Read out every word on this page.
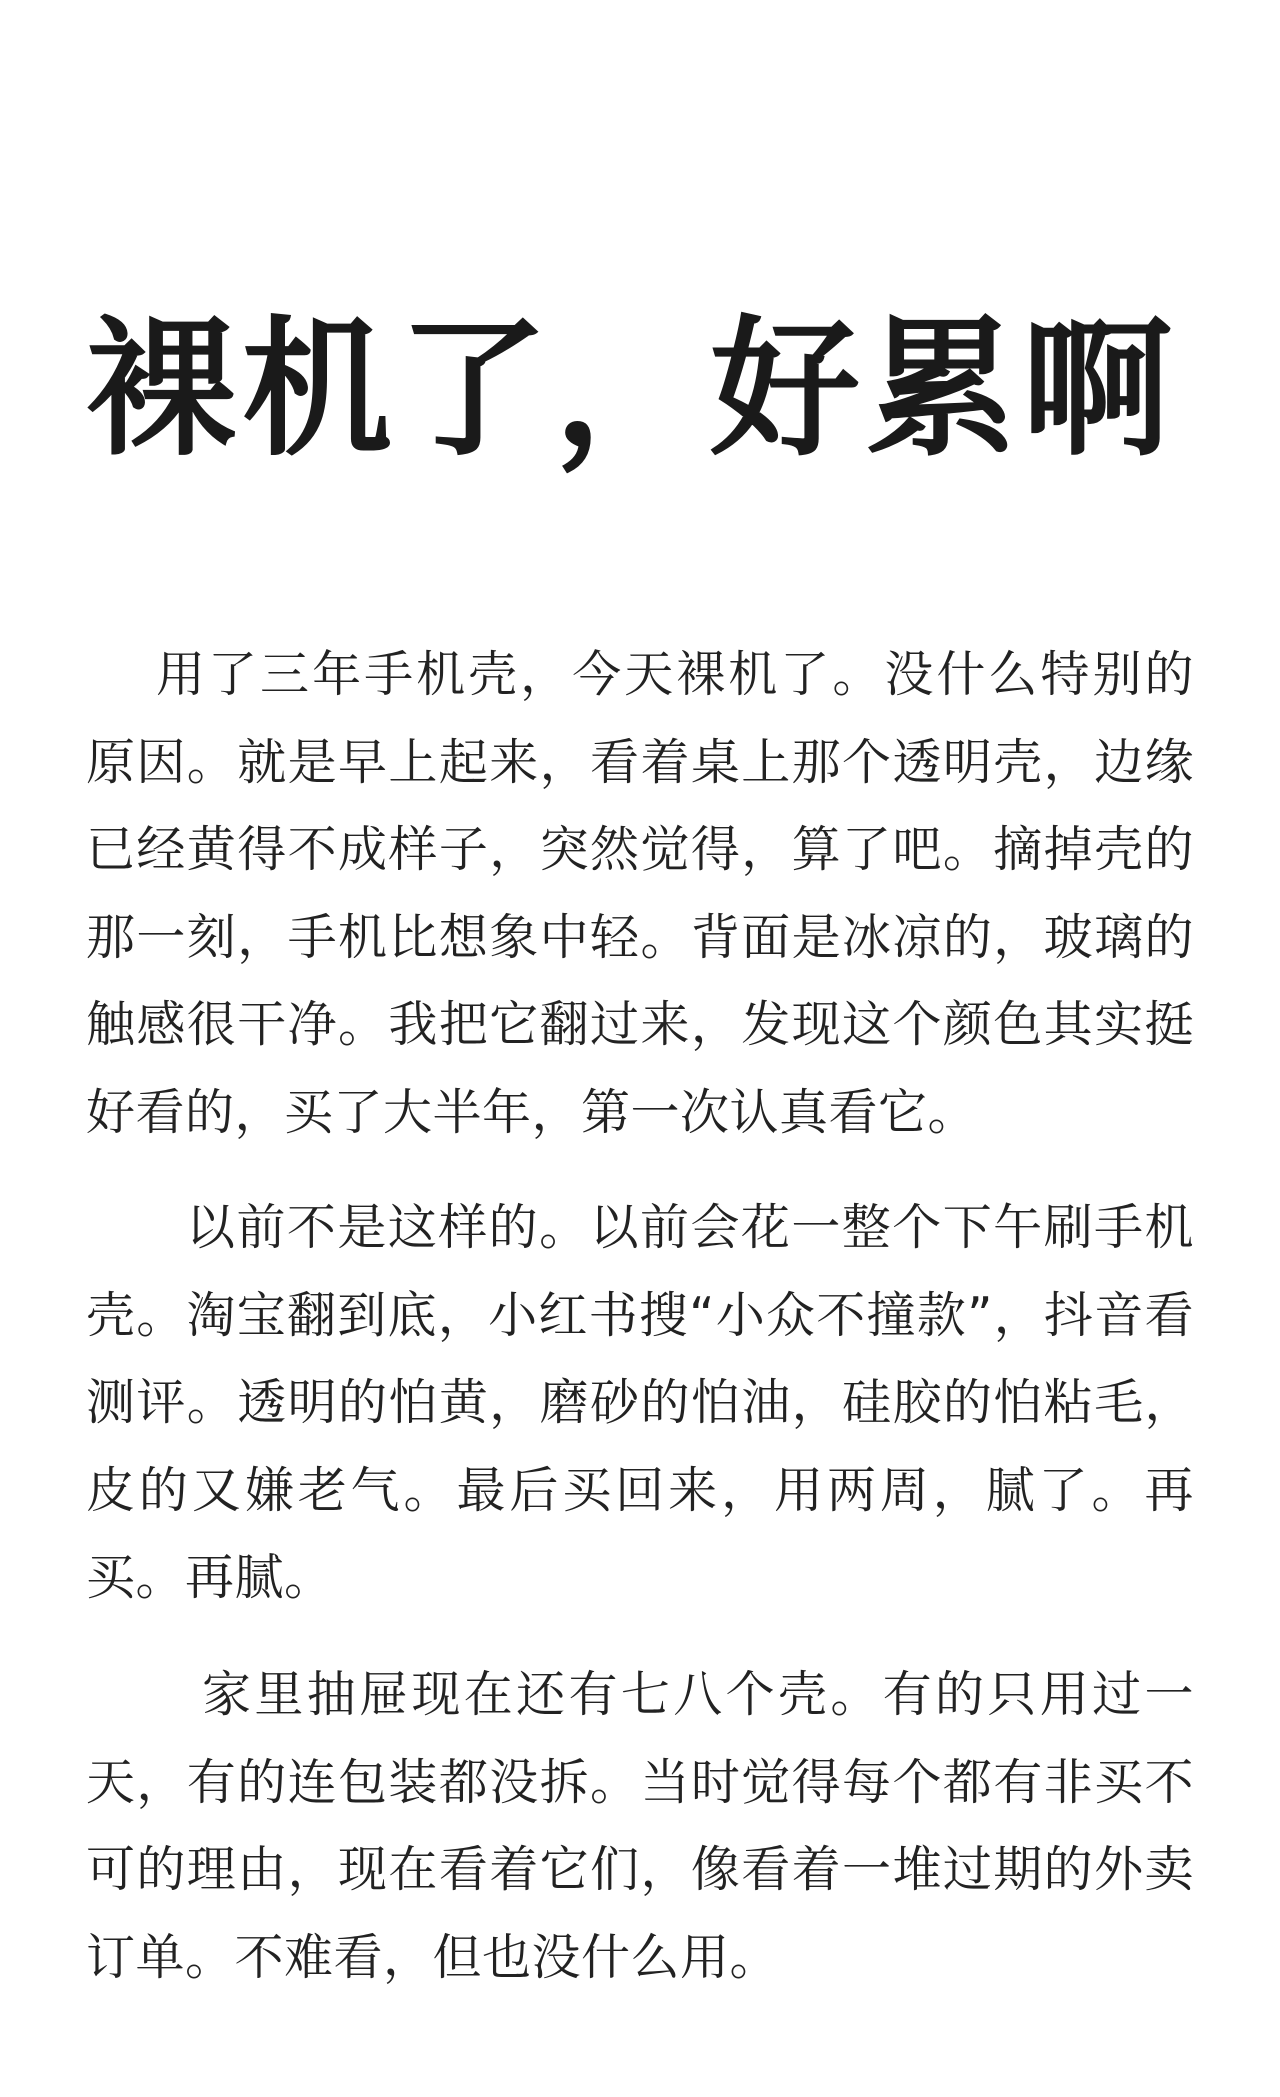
裸机了，好累啊

用了三年手机壳，今天裸机了。没什么特别的原因。就是早上起来，看着桌上那个透明壳，边缘已经黄得不成样子，突然觉得，算了吧。摘掉壳的那一刻，手机比想象中轻。背面是冰凉的，玻璃的触感很干净。我把它翻过来，发现这个颜色其实挺好看的，买了大半年，第一次认真看它。

以前不是这样的。以前会花一整个下午刷手机壳。淘宝翻到底，小红书搜“小众不撞款”，抖音看测评。透明的怕黄，磨砂的怕油，硅胶的怕粘毛，皮的又嫌老气。最后买回来，用两周，腻了。再买。再腻。

家里抽屉现在还有七八个壳。有的只用过一天，有的连包装都没拆。当时觉得每个都有非买不可的理由，现在看着它们，像看着一堆过期的外卖订单。不难看，但也没什么用。
